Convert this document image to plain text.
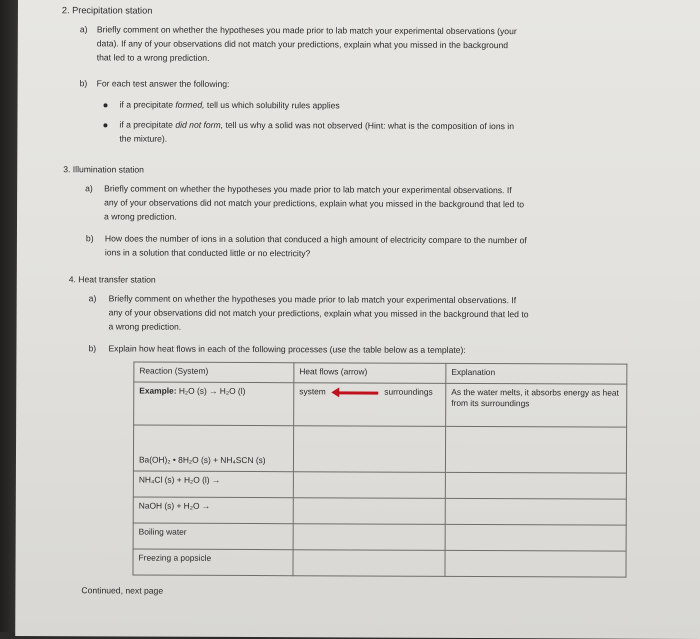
2. Precipitation station
a) Briefly comment on whether the hypotheses you made prior to lab match your experimental observations (your
data). If any of your observations did not match your predictions, explain what you missed in the background
that led to a wrong prediction.
b) For each test answer the following:
if a precipitate formed, tell us which solubility rules applies
if a precipitate did not form, tell us why a solid was not observed (Hint: what is the composition of ions in
the mixture).
3. Illumination station
a) Briefly comment on whether the hypotheses you made prior to lab match your experimental observations. If
any of your observations did not match your predictions, explain what you missed in the background that led to
a wrong prediction.
b) How does the number of ions in a solution that conduced a high amount of electricity compare to the number of
ions in a solution that conducted little or no electricity?
4. Heat transfer station
a) Briefly comment on whether the hypotheses you made prior to lab match your experimental observations. If
any of your observations did not match your predictions, explain what you missed in the background that led to
a wrong prediction.
b) Explain how heat flows in each of the following processes (use the table below as a template):
Reaction (System)	Heat flows (arrow)	Explanation
Example: H₂O (s) → H₂O (l)	system surroundings	As the water melts, it absorbs energy as heat from its surroundings
Ba(OH)₂ • 8H₂O (s) + NH₄SCN (s)		
NH₄Cl (s) + H₂O (l) →		
NaOH (s) + H₂O →		
Boiling water		
Freezing a popsicle		
Continued, next page
